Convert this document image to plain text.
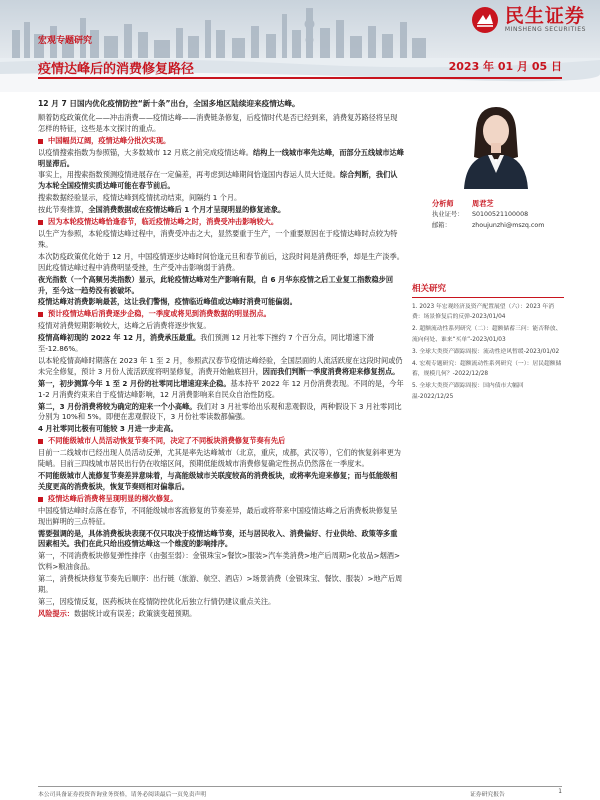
民生证券
MINSHENG SECURITIES
宏观专题研究
疫情达峰后的消费修复路径	2023 年 01 月 05 日

12 月 7 日国内优化疫情防控“新十条”出台，全国多地区陆续迎来疫情达峰。

顺着防疫政策优化——冲击消费——疫情达峰——消费链条修复，后疫情时代是否已经到来，消费复苏路径将呈现怎样的特征，这些是本文探讨的重点。

中国幅员辽阔，疫情达峰分批次实现。

以疫情搜索指数为参照锚，大多数城市 12 月底之前完成疫情达峰。结构上一线城市率先达峰，而部分五线城市达峰明显滞后。

事实上，用搜索指数预测疫情进展存在一定偏差，再考虑到达峰期间恰逢国内春运人员大迁徙。综合判断，我们认为本轮全国疫情实质达峰可能在春节前后。

搜索数据经验显示，疫情达峰到疫情扰动结束，间隔约 1 个月。

按此节奏推算，全国消费数据或在疫情达峰后 1 个月才呈现明显的修复迹象。

因为本轮疫情达峰恰逢春节，临近疫情达峰之时，消费受冲击影响较大。

以生产为参照，本轮疫情达峰过程中，消费受冲击之大，显然要重于生产，一个重要原因在于疫情达峰时点较为特殊。

本次防疫政策优化始于 12 月，中国疫情逐步达峰时间恰逢元旦和春节前后，这段时间是消费旺季，却是生产淡季。因此疫情达峰过程中消费明显受挫，生产受冲击影响弱于消费。

夜光指数（一个高频另类指数）显示，此轮疫情达峰对生产影响有限，自 6 月华东疫情之后工业复工指数稳步回升，至今这一趋势没有被破坏。

疫情达峰对消费影响最甚，这让我们警惕，疫情临近峰值或达峰时消费可能偏弱。

预计疫情达峰后消费逐步企稳，一季度或将见到消费数据的明显拐点。

疫情对消费短期影响较大，达峰之后消费将逐步恢复。

疫情高峰初现的 2022 年 12 月，消费承压最重。我们预测 12 月社零下挫约 7 个百分点，同比增速下滑至-12.86%。

以本轮疫情高峰时期落在 2023 年 1 至 2 月，参照武汉春节疫情达峰经验，全国层面的人流活跃度在这段时间或仍未完全修复，预计 3 月份人流活跃度将明显修复，消费开始触底回升，因而我们判断一季度消费将迎来修复拐点。

第一，初步测算今年 1 至 2 月份的社零同比增速迎来企稳。基本持平 2022 年 12 月份消费表现。不同的是，今年 1-2 月消费约束来自于疫情达峰影响，12 月消费影响来自民众自治性防疫。

第二，3 月份消费将较为确定的迎来一个小高峰。我们对 3 月社零给出乐观和悲观假设，两种假设下 3 月社零同比分别为 10%和 5%。即便在悲观假设下，3 月份社零读数都偏强。

4 月社零同比极有可能较 3 月进一步走高。

不同能级城市人员活动恢复节奏不同，决定了不同板块消费修复节奏有先后

目前一二线城市已经出现人员活动反弹，尤其是率先达峰城市（北京，重庆，成都，武汉等），它们的恢复斜率更为陡峭。目前三四线城市居民出行仍在收缩区间，预期低能级城市消费修复确定性拐点仍然落在一季度末。

不同能级城市人流修复节奏差异意味着，与高能级城市关联度较高的消费板块，或将率先迎来修复；而与低能级相关度更高的消费板块，恢复节奏则相对偏靠后。

疫情达峰后消费将呈现明显的梯次修复。

中国疫情达峰时点落在春节，不同能级城市客流修复的节奏差异，最后或将带来中国疫情达峰之后消费板块修复呈现出鲜明的三点特征。

需要强调的是，具体消费板块表现不仅只取决于疫情达峰节奏，还与居民收入、消费偏好、行业供给、政策等多重因素相关。我们在此只给出疫情达峰这一个维度的影响排序。

第一，不同消费板块修复弹性排序（由强至弱）：金银珠宝>餐饮>服装>汽车类消费>地产后周期>化妆品>烟酒>饮料>粮油食品。

第二，消费板块修复节奏先后顺序：出行链（旅游、航空、酒店）>场景消费（金银珠宝、餐饮、服装）>地产后周期。

第三，因疫情反复，医药板块在疫情防控优化后独立行情仍建议重点关注。

风险提示：数据统计或有误差；政策演变超预期。

分析师	周君芝
执业证号：	S0100521100008
邮箱：	zhoujunzhi@mszq.com
相关研究
1. 2023 年宏观经济及资产配置展望（六）：2023 年消费：场景修复后的反弹-2023/01/04
2. 超额流动性系列研究（二）：超额储蓄三问：能否释放、流向何处、谁来“买单”-2023/01/03
3. 全球大类资产跟踪周报：流动性逆风暂缓-2023/01/02
4. 宏观专题研究：超额流动性系列研究（一）：居民超额储蓄，规模几何？-2022/12/28
5. 全球大类资产跟踪周报：国内债市大幅回温-2022/12/25
本公司具备证券投资咨询业务资格，请务必阅读最后一页免责声明	证券研究报告	1
